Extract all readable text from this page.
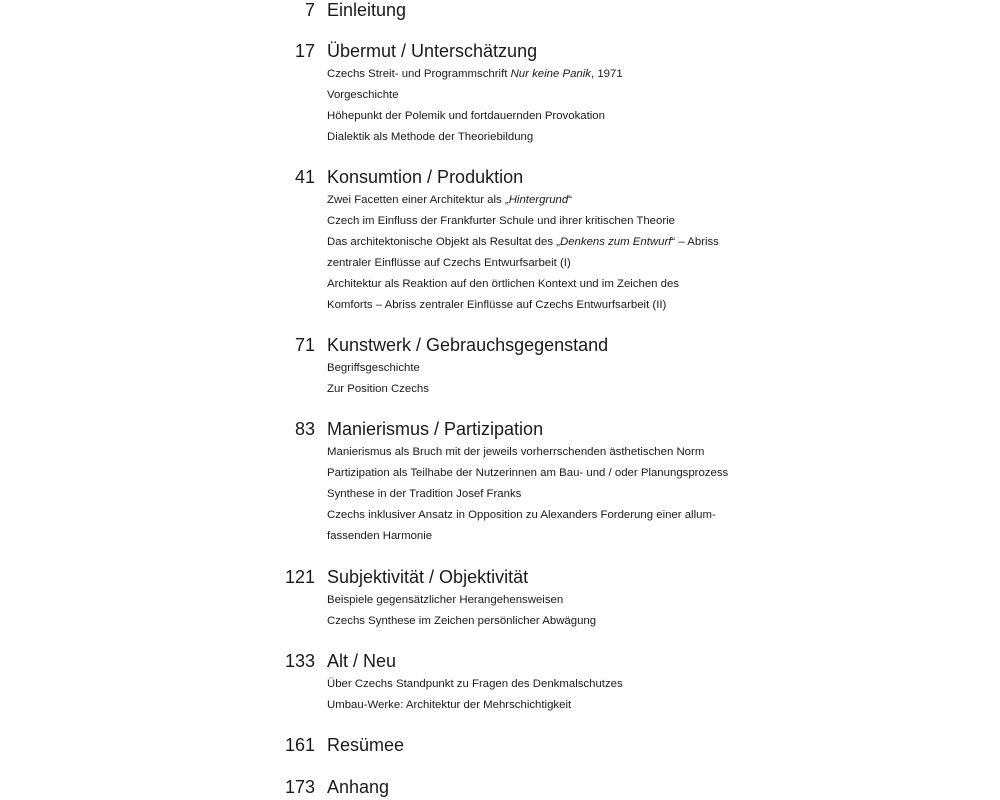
7 Einleitung
17 Übermut / Unterschätzung
Czechs Streit- und Programmschrift Nur keine Panik, 1971
Vorgeschichte
Höhepunkt der Polemik und fortdauernden Provokation
Dialektik als Methode der Theoriebildung
41 Konsumtion / Produktion
Zwei Facetten einer Architektur als „Hintergrund“
Czech im Einfluss der Frankfurter Schule und ihrer kritischen Theorie
Das architektonische Objekt als Resultat des „Denkens zum Entwurf“ – Abriss
zentraler Einflüsse auf Czechs Entwurfsarbeit (I)
Architektur als Reaktion auf den örtlichen Kontext und im Zeichen des
Komforts – Abriss zentraler Einflüsse auf Czechs Entwurfsarbeit (II)
71 Kunstwerk / Gebrauchsgegenstand
Begriffsgeschichte
Zur Position Czechs
83 Manierismus / Partizipation
Manierismus als Bruch mit der jeweils vorherrschenden ästhetischen Norm
Partizipation als Teilhabe der Nutzerinnen am Bau- und / oder Planungsprozess
Synthese in der Tradition Josef Franks
Czechs inklusiver Ansatz in Opposition zu Alexanders Forderung einer allum-
fassenden Harmonie
121 Subjektivität / Objektivität
Beispiele gegensätzlicher Herangehensweisen
Czechs Synthese im Zeichen persönlicher Abwägung
133 Alt / Neu
Über Czechs Standpunkt zu Fragen des Denkmalschutzes
Umbau-Werke: Architektur der Mehrschichtigkeit
161 Resümee
173 Anhang
